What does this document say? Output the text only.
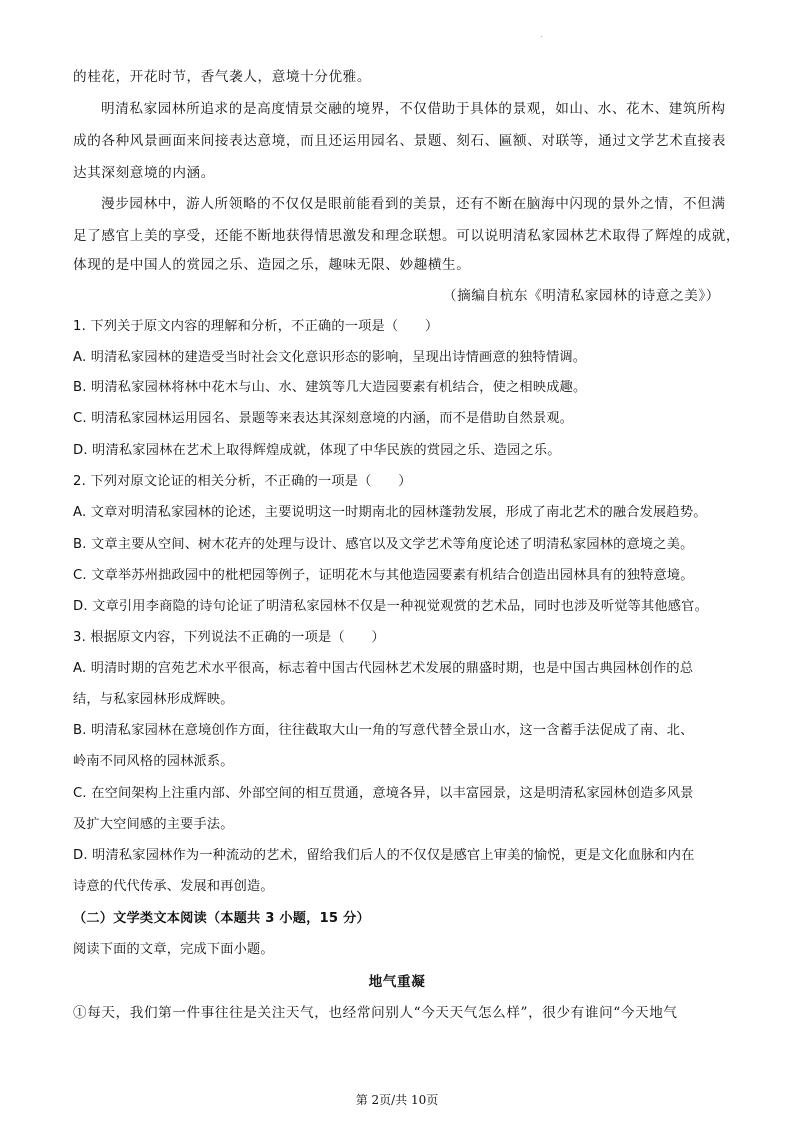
.
的桂花，开花时节，香气袭人，意境十分优雅。
明清私家园林所追求的是高度情景交融的境界，不仅借助于具体的景观，如山、水、花木、建筑所构
成的各种风景画面来间接表达意境，而且还运用园名、景题、刻石、匾额、对联等，通过文学艺术直接表
达其深刻意境的内涵。
漫步园林中，游人所领略的不仅仅是眼前能看到的美景，还有不断在脑海中闪现的景外之情，不但满
足了感官上美的享受，还能不断地获得情思激发和理念联想。可以说明清私家园林艺术取得了辉煌的成就，
体现的是中国人的赏园之乐、造园之乐，趣味无限、妙趣横生。
（摘编自杭东《明清私家园林的诗意之美》）
1. 下列关于原文内容的理解和分析，不正确的一项是（　　）
A. 明清私家园林的建造受当时社会文化意识形态的影响，呈现出诗情画意的独特情调。
B. 明清私家园林将林中花木与山、水、建筑等几大造园要素有机结合，使之相映成趣。
C. 明清私家园林运用园名、景题等来表达其深刻意境的内涵，而不是借助自然景观。
D. 明清私家园林在艺术上取得辉煌成就，体现了中华民族的赏园之乐、造园之乐。
2. 下列对原文论证的相关分析，不正确的一项是（　　）
A. 文章对明清私家园林的论述，主要说明这一时期南北的园林蓬勃发展，形成了南北艺术的融合发展趋势。
B. 文章主要从空间、树木花卉的处理与设计、感官以及文学艺术等角度论述了明清私家园林的意境之美。
C. 文章举苏州拙政园中的枇杷园等例子，证明花木与其他造园要素有机结合创造出园林具有的独特意境。
D. 文章引用李商隐的诗句论证了明清私家园林不仅是一种视觉观赏的艺术品，同时也涉及听觉等其他感官。
3. 根据原文内容，下列说法不正确的一项是（　　）
A. 明清时期的宫苑艺术水平很高，标志着中国古代园林艺术发展的鼎盛时期，也是中国古典园林创作的总
结，与私家园林形成辉映。
B. 明清私家园林在意境创作方面，往往截取大山一角的写意代替全景山水，这一含蓄手法促成了南、北、
岭南不同风格的园林派系。
C. 在空间架构上注重内部、外部空间的相互贯通，意境各异，以丰富园景，这是明清私家园林创造多风景
及扩大空间感的主要手法。
D. 明清私家园林作为一种流动的艺术，留给我们后人的不仅仅是感官上审美的愉悦，更是文化血脉和内在
诗意的代代传承、发展和再创造。
（二）文学类文本阅读（本题共 3 小题，15 分）
阅读下面的文章，完成下面小题。
地气重凝
①每天，我们第一件事往往是关注天气，也经常问别人“今天天气怎么样”，很少有谁问“今天地气
第 2页/共 10页
